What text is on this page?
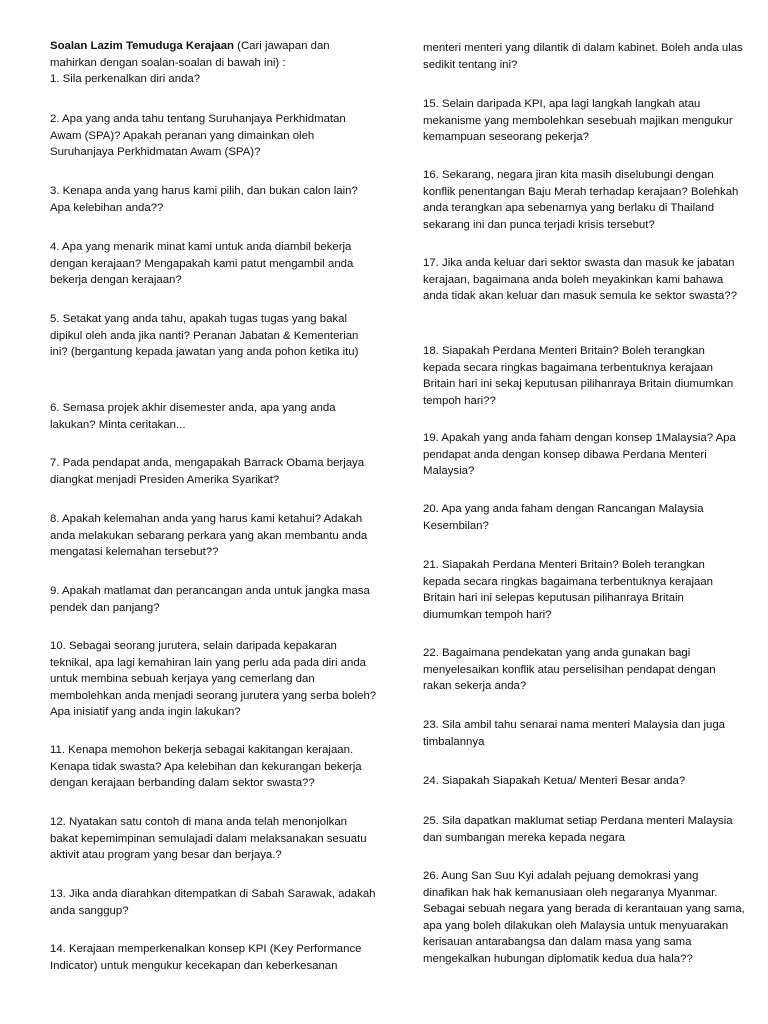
Soalan Lazim Temuduga Kerajaan (Cari jawapan dan mahirkan dengan soalan-soalan di bawah ini) :

1. Sila perkenalkan diri anda?

2. Apa yang anda tahu tentang Suruhanjaya Perkhidmatan Awam (SPA)? Apakah peranan yang dimainkan oleh Suruhanjaya Perkhidmatan Awam (SPA)?

3. Kenapa anda yang harus kami pilih, dan bukan calon lain? Apa kelebihan anda??

4. Apa yang menarik minat kami untuk anda diambil bekerja dengan kerajaan? Mengapakah kami patut mengambil anda bekerja dengan kerajaan?

5. Setakat yang anda tahu, apakah tugas tugas yang bakal dipikul oleh anda jika nanti? Peranan Jabatan & Kementerian ini? (bergantung kepada jawatan yang anda pohon ketika itu)

6. Semasa projek akhir disemester anda, apa yang anda lakukan? Minta ceritakan...

7. Pada pendapat anda, mengapakah Barrack Obama berjaya diangkat menjadi Presiden Amerika Syarikat?

8. Apakah kelemahan anda yang harus kami ketahui? Adakah anda melakukan sebarang perkara yang akan membantu anda mengatasi kelemahan tersebut??

9. Apakah matlamat dan perancangan anda untuk jangka masa pendek dan panjang?

10. Sebagai seorang jurutera, selain daripada kepakaran teknikal, apa lagi kemahiran lain yang perlu ada pada diri anda untuk membina sebuah kerjaya yang cemerlang dan membolehkan anda menjadi seorang jurutera yang serba boleh? Apa inisiatif yang anda ingin lakukan?

11. Kenapa memohon bekerja sebagai kakitangan kerajaan. Kenapa tidak swasta? Apa kelebihan dan kekurangan bekerja dengan kerajaan berbanding dalam sektor swasta??

12. Nyatakan satu contoh di mana anda telah menonjolkan bakat kepemimpinan semulajadi dalam melaksanakan sesuatu aktivit atau program yang besar dan berjaya.?

13. Jika anda diarahkan ditempatkan di Sabah Sarawak, adakah anda sanggup?

14. Kerajaan memperkenalkan konsep KPI (Key Performance Indicator) untuk mengukur kecekapan dan keberkesanan

menteri menteri yang dilantik di dalam kabinet. Boleh anda ulas sedikit tentang ini?

15. Selain daripada KPI, apa lagi langkah langkah atau mekanisme yang membolehkan sesebuah majikan mengukur kemampuan seseorang pekerja?

16. Sekarang, negara jiran kita masih diselubungi dengan konflik penentangan Baju Merah terhadap kerajaan? Bolehkah anda terangkan apa sebenarnya yang berlaku di Thailand sekarang ini dan punca terjadi krisis tersebut?

17. Jika anda keluar dari sektor swasta dan masuk ke jabatan kerajaan, bagaimana anda boleh meyakinkan kami bahawa anda tidak akan keluar dan masuk semula ke sektor swasta??

18. Siapakah Perdana Menteri Britain? Boleh terangkan kepada secara ringkas bagaimana terbentuknya kerajaan Britain hari ini sekaj keputusan pilihanraya Britain diumumkan tempoh hari??

19. Apakah yang anda faham dengan konsep 1Malaysia? Apa pendapat anda dengan konsep dibawa Perdana Menteri Malaysia?

20. Apa yang anda faham dengan Rancangan Malaysia Kesembilan?

21. Siapakah Perdana Menteri Britain? Boleh terangkan kepada secara ringkas bagaimana terbentuknya kerajaan Britain hari ini selepas keputusan pilihanraya Britain diumumkan tempoh hari?

22. Bagaimana pendekatan yang anda gunakan bagi menyelesaikan konflik atau perselisihan pendapat dengan rakan sekerja anda?

23. Sila ambil tahu senarai nama menteri Malaysia dan juga timbalannya

24. Siapakah Siapakah Ketua/ Menteri Besar anda?

25. Sila dapatkan maklumat setiap Perdana menteri Malaysia dan sumbangan mereka kepada negara

26. Aung San Suu Kyi adalah pejuang demokrasi yang dinafikan hak hak kemanusiaan oleh negaranya Myanmar. Sebagai sebuah negara yang berada di kerantauan yang sama, apa yang boleh dilakukan oleh Malaysia untuk menyuarakan kerisauan antarabangsa dan dalam masa yang sama mengekalkan hubungan diplomatik kedua dua hala??
